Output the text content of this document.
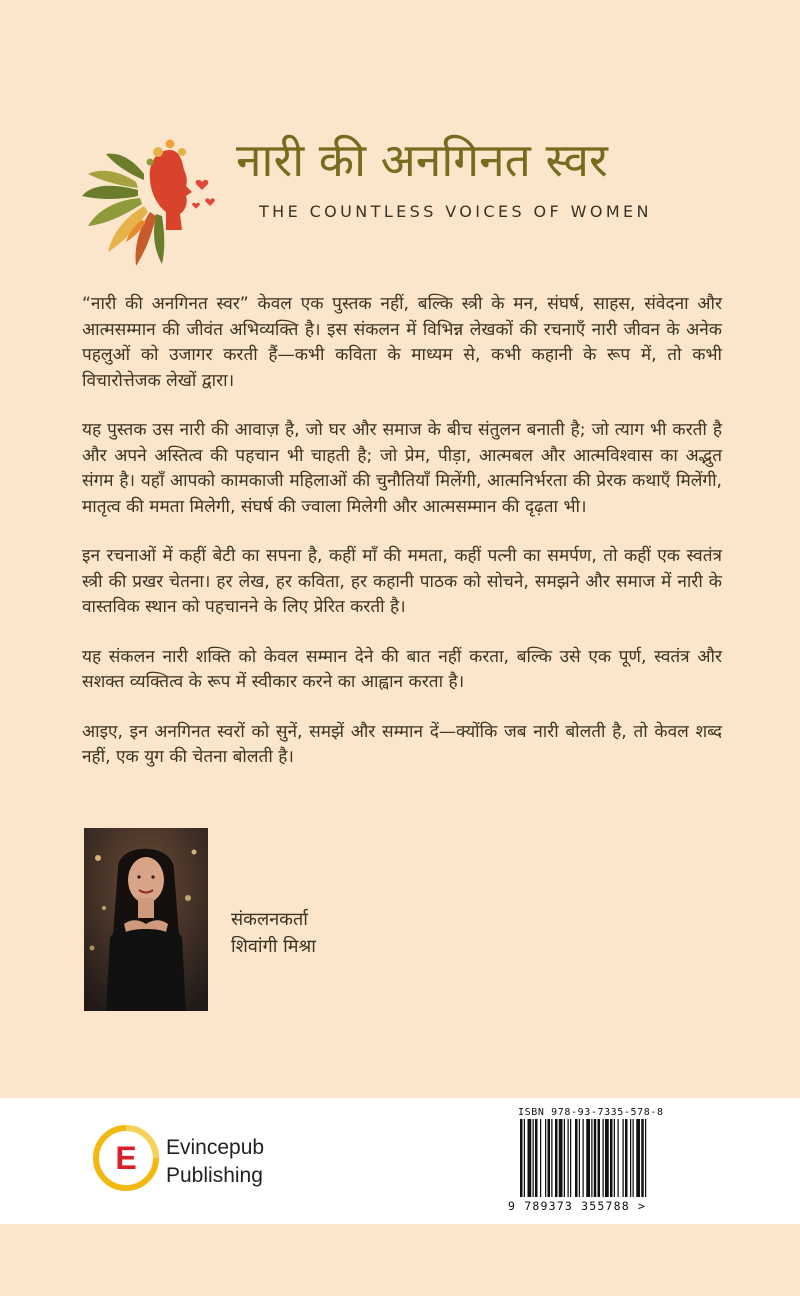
नारी की अनगिनत स्वर
THE COUNTLESS VOICES OF WOMEN

“नारी की अनगिनत स्वर” केवल एक पुस्तक नहीं, बल्कि स्त्री के मन, संघर्ष, साहस, संवेदना और आत्मसम्मान की जीवंत अभिव्यक्ति है। इस संकलन में विभिन्न लेखकों की रचनाएँ नारी जीवन के अनेक पहलुओं को उजागर करती हैं—कभी कविता के माध्यम से, कभी कहानी के रूप में, तो कभी विचारोत्तेजक लेखों द्वारा।

यह पुस्तक उस नारी की आवाज़ है, जो घर और समाज के बीच संतुलन बनाती है; जो त्याग भी करती है और अपने अस्तित्व की पहचान भी चाहती है; जो प्रेम, पीड़ा, आत्मबल और आत्मविश्वास का अद्भुत संगम है। यहाँ आपको कामकाजी महिलाओं की चुनौतियाँ मिलेंगी, आत्मनिर्भरता की प्रेरक कथाएँ मिलेंगी, मातृत्व की ममता मिलेगी, संघर्ष की ज्वाला मिलेगी और आत्मसम्मान की दृढ़ता भी।

इन रचनाओं में कहीं बेटी का सपना है, कहीं माँ की ममता, कहीं पत्नी का समर्पण, तो कहीं एक स्वतंत्र स्त्री की प्रखर चेतना। हर लेख, हर कविता, हर कहानी पाठक को सोचने, समझने और समाज में नारी के वास्तविक स्थान को पहचानने के लिए प्रेरित करती है।

यह संकलन नारी शक्ति को केवल सम्मान देने की बात नहीं करता, बल्कि उसे एक पूर्ण, स्वतंत्र और सशक्त व्यक्तित्व के रूप में स्वीकार करने का आह्वान करता है।

आइए, इन अनगिनत स्वरों को सुनें, समझें और सम्मान दें—क्योंकि जब नारी बोलती है, तो केवल शब्द नहीं, एक युग की चेतना बोलती है।

संकलनकर्ता
शिवांगी मिश्रा
E Evincepub
Publishing
ISBN 978-93-7335-578-8
9 789373 355788 >
